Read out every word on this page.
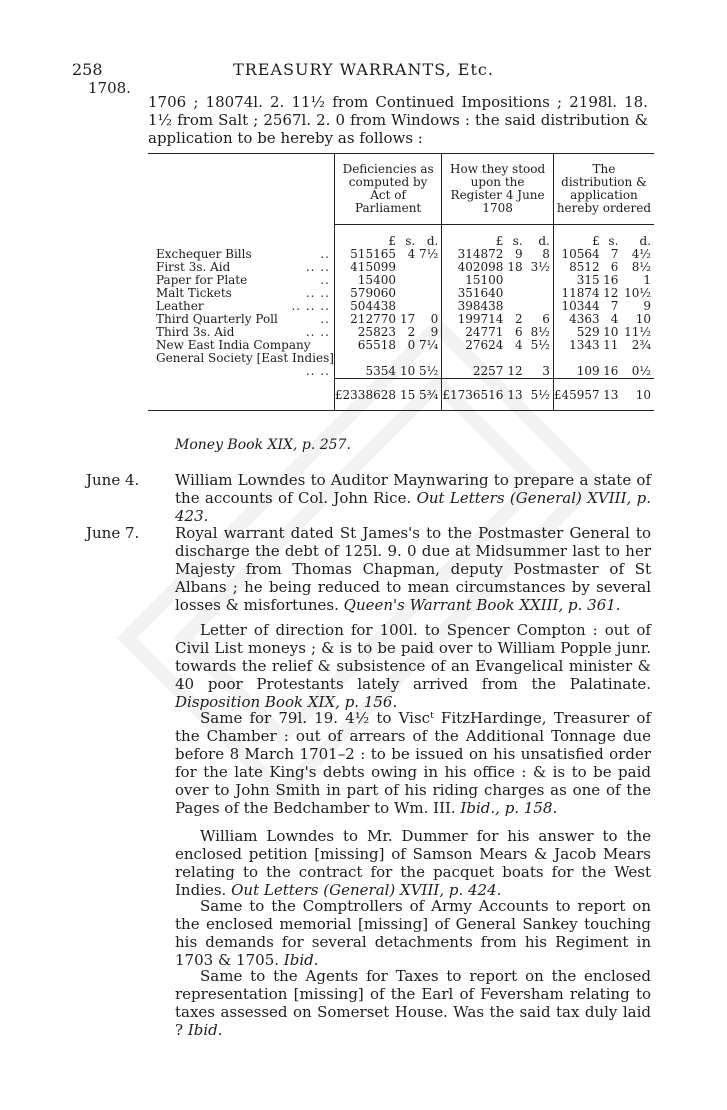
258	TREASURY WARRANTS, Etc.
1708.
1706 ; 18074l. 2. 11½ from Continued Impositions ; 2198l. 18. 1½ from Salt ; 2567l. 2. 0 from Windows : the said distribution & application to be hereby as follows :
	Deficiencies as computed by Act of Parliament			How they stood upon the Register 4 June 1708			The distribution & application hereby ordered		
	£	s.	d.	£	s.	d.	£	s.	d.
Exchequer Bills ..	515165	4	7½	314872	9	8	10564	7	4½
First 3s. Aid .. ..	415099			402098	18	3½	8512	6	8½
Paper for Plate ..	15400			15100			315	16	1
Malt Tickets .. ..	579060			351640			11874	12	10½
Leather .. .. ..	504438			398438			10344	7	9
Third Quarterly Poll ..	212770	17	0	199714	2	6	4363	4	10
Third 3s. Aid .. ..	25823	2	9	24771	6	8½	529	10	11½
New East India Company	65518	0	7¼	27624	4	5½	1343	11	2¾
General Society [East Indies]
.. ..	5354	10	5½	2257	12	3	109	16	0½
	£2338628	15	5¾	£1736516	13	5½	£45957	13	10

Money Book XIX, p. 257.
June 4. William Lowndes to Auditor Maynwaring to prepare a state of the accounts of Col. John Rice. Out Letters (General) XVIII, p. 423.
June 7. Royal warrant dated St James's to the Postmaster General to discharge the debt of 125l. 9. 0 due at Midsummer last to her Majesty from Thomas Chapman, deputy Postmaster of St Albans ; he being reduced to mean circumstances by several losses & misfortunes. Queen's Warrant Book XXIII, p. 361.
Letter of direction for 100l. to Spencer Compton : out of Civil List moneys ; & is to be paid over to William Popple junr. towards the relief & subsistence of an Evangelical minister & 40 poor Protestants lately arrived from the Palatinate. Disposition Book XIX, p. 156.
Same for 79l. 19. 4½ to Viscᵗ FitzHardinge, Treasurer of the Chamber : out of arrears of the Additional Tonnage due before 8 March 1701–2 : to be issued on his unsatisfied order for the late King's debts owing in his office : & is to be paid over to John Smith in part of his riding charges as one of the Pages of the Bedchamber to Wm. III. Ibid., p. 158.
William Lowndes to Mr. Dummer for his answer to the enclosed petition [missing] of Samson Mears & Jacob Mears relating to the contract for the pacquet boats for the West Indies. Out Letters (General) XVIII, p. 424.
Same to the Comptrollers of Army Accounts to report on the enclosed memorial [missing] of General Sankey touching his demands for several detachments from his Regiment in 1703 & 1705. Ibid.
Same to the Agents for Taxes to report on the enclosed representation [missing] of the Earl of Feversham relating to taxes assessed on Somerset House. Was the said tax duly laid ? Ibid.
